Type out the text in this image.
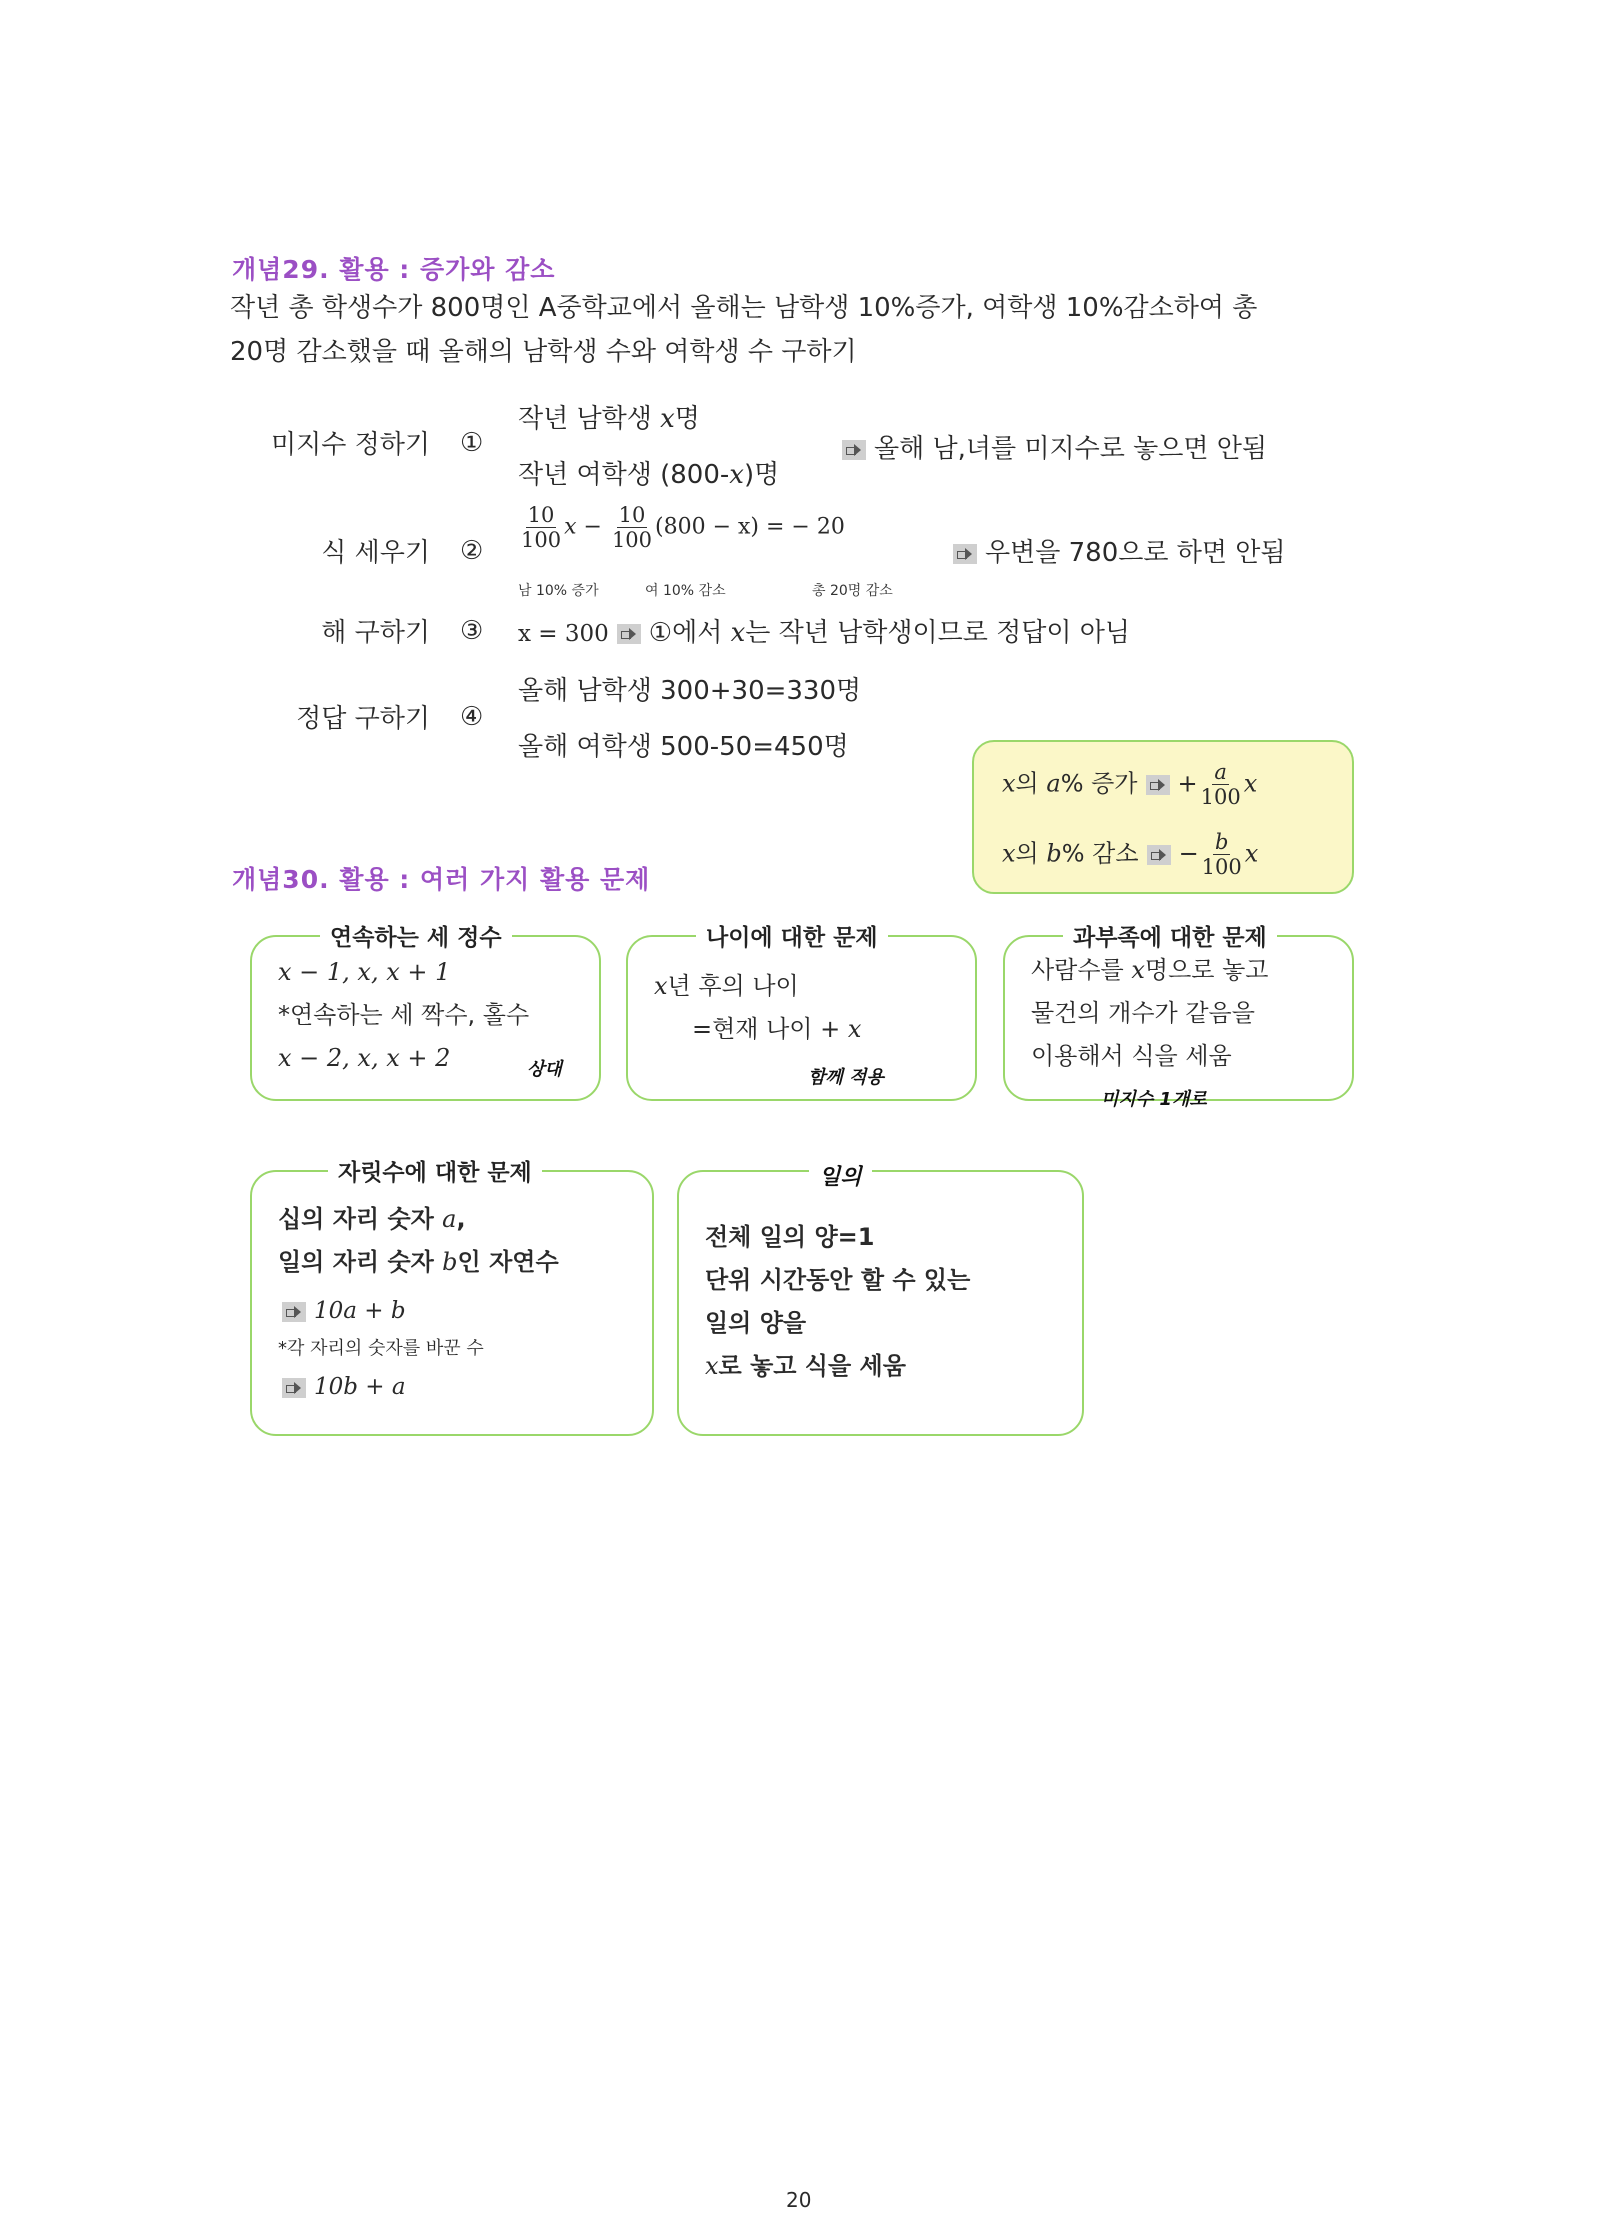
개념29. 활용 : 증가와 감소
작년 총 학생수가 800명인 A중학교에서 올해는 남학생 10%증가, 여학생 10%감소하여 총
20명 감소했을 때 올해의 남학생 수와 여학생 수 구하기
미지수 정하기 ①
작년 남학생 x명
작년 여학생 (800-x)명
올해 남,녀를 미지수로 놓으면 안됨
식 세우기 ② $\frac{10}{100}$ $x - \frac{10}{100} (800 - x)$ = − 20
우변을 780으로 하면 안됨
남 10% 증가	여 10% 감소	총 20명 감소
해 구하기 ③ x = 300 ①에서 x는 작년 남학생이므로 정답이 아님
정답 구하기 ④
올해 남학생 300+30=330명
올해 여학생 500-50=450명
x의 a% 증가 + $\frac{a}{100}$ x
x의 b% 감소 − $\frac{b}{100}$ x
개념30. 활용 : 여러 가지 활용 문제
연속하는 세 정수
x − 1, x, x + 1
*연속하는 세 짝수, 홀수
x − 2, x, x + 2	상대
나이에 대한 문제
x년 후의 나이
=현재 나이 + x
함께 적용
과부족에 대한 문제
사람수를 x명으로 놓고
물건의 개수가 같음을
이용해서 식을 세움
미지수 1개로
자릿수에 대한 문제
십의 자리 숫자 a,
일의 자리 숫자 b인 자연수
10a + b
*각 자리의 숫자를 바꾼 수
10b + a
일의
전체 일의 양=1
단위 시간동안 할 수 있는
일의 양을
x로 놓고 식을 세움
20
